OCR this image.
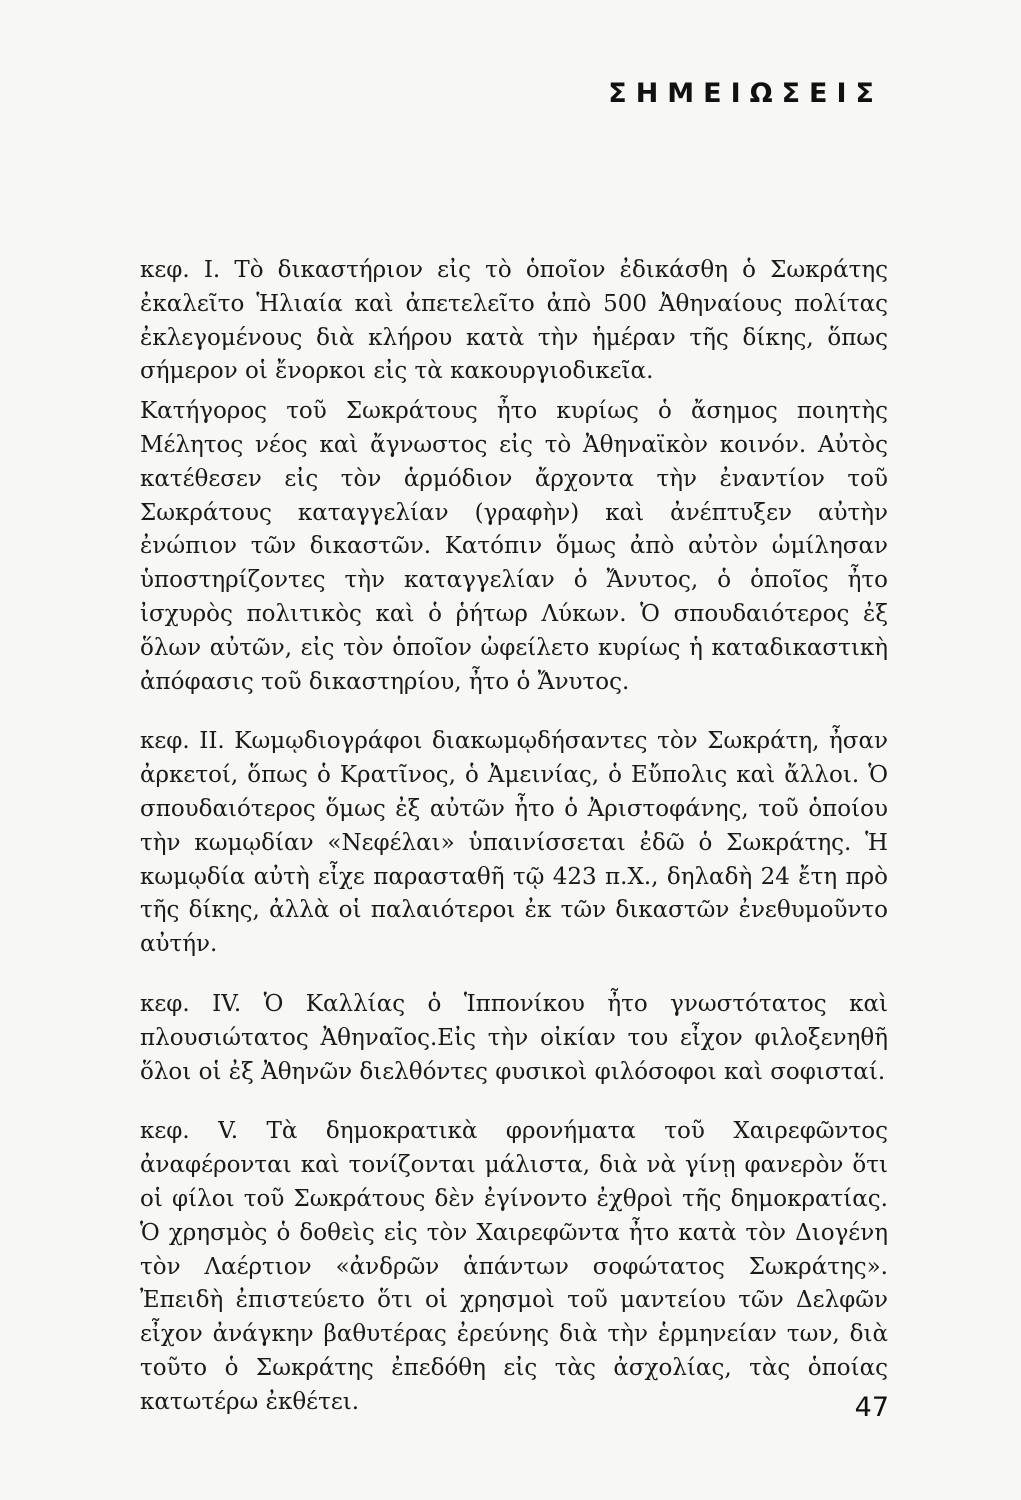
ΣΗΜΕΙΩΣΕΙΣ

κεφ. I. Τὸ δικαστήριον εἰς τὸ ὁποῖον ἐδικάσθη ὁ Σωκράτης ἐκαλεῖτο Ἡλιαία καὶ ἀπετελεῖτο ἀπὸ 500 Ἀθηναίους πολίτας ἐκλεγομένους διὰ κλήρου κατὰ τὴν ἡμέραν τῆς δίκης, ὅπως σήμερον οἱ ἔνορκοι εἰς τὰ κακουργιοδικεῖα.

Κατήγορος τοῦ Σωκράτους ἦτο κυρίως ὁ ἄσημος ποιητὴς Μέλητος νέος καὶ ἄγνωστος εἰς τὸ Ἀθηναϊκὸν κοινόν. Αὐτὸς κατέθεσεν εἰς τὸν ἁρμόδιον ἄρχοντα τὴν ἐναντίον τοῦ Σωκράτους καταγγελίαν (γραφὴν) καὶ ἀνέπτυξεν αὐτὴν ἐνώπιον τῶν δικαστῶν. Κατόπιν ὅμως ἀπὸ αὐτὸν ὡμίλησαν ὑποστηρίζοντες τὴν καταγγελίαν ὁ Ἄνυτος, ὁ ὁποῖος ἦτο ἰσχυρὸς πολιτικὸς καὶ ὁ ῥήτωρ Λύκων. Ὁ σπουδαιότερος ἐξ ὅλων αὐτῶν, εἰς τὸν ὁποῖον ὠφείλετο κυρίως ἡ καταδικαστικὴ ἀπόφασις τοῦ δικαστηρίου, ἦτο ὁ Ἄνυτος.

κεφ. II. Κωμῳδιογράφοι διακωμῳδήσαντες τὸν Σωκράτη, ἦσαν ἀρκετοί, ὅπως ὁ Κρατῖνος, ὁ Ἀμεινίας, ὁ Εὔπολις καὶ ἄλλοι. Ὁ σπουδαιότερος ὅμως ἐξ αὐτῶν ἦτο ὁ Ἀριστοφάνης, τοῦ ὁποίου τὴν κωμῳδίαν «Νεφέλαι» ὑπαινίσσεται ἐδῶ ὁ Σωκράτης. Ἡ κωμῳδία αὐτὴ εἶχε παρασταθῆ τῷ 423 π.Χ., δηλαδὴ 24 ἔτη πρὸ τῆς δίκης, ἀλλὰ οἱ παλαιότεροι ἐκ τῶν δικαστῶν ἐνεθυμοῦντο αὐτήν.

κεφ. IV. Ὁ Καλλίας ὁ Ἱππονίκου ἦτο γνωστότατος καὶ πλουσιώτατος Ἀθηναῖος.Εἰς τὴν οἰκίαν του εἶχον φιλοξενηθῆ ὅλοι οἱ ἐξ Ἀθηνῶν διελθόντες φυσικοὶ φιλόσοφοι καὶ σοφισταί.

κεφ. V. Τὰ δημοκρατικὰ φρονήματα τοῦ Χαιρεφῶντος ἀναφέρονται καὶ τονίζονται μάλιστα, διὰ νὰ γίνῃ φανερὸν ὅτι οἱ φίλοι τοῦ Σωκράτους δὲν ἐγίνοντο ἐχθροὶ τῆς δημοκρατίας. Ὁ χρησμὸς ὁ δοθεὶς εἰς τὸν Χαιρεφῶντα ἦτο κατὰ τὸν Διογένη τὸν Λαέρτιον «ἀνδρῶν ἁπάντων σοφώτατος Σωκράτης». Ἐπειδὴ ἐπιστεύετο ὅτι οἱ χρησμοὶ τοῦ μαντείου τῶν Δελφῶν εἶχον ἀνάγκην βαθυτέρας ἐρεύνης διὰ τὴν ἑρμηνείαν των, διὰ τοῦτο ὁ Σωκράτης ἐπεδόθη εἰς τὰς ἀσχολίας, τὰς ὁποίας κατωτέρω ἐκθέτει.	47
